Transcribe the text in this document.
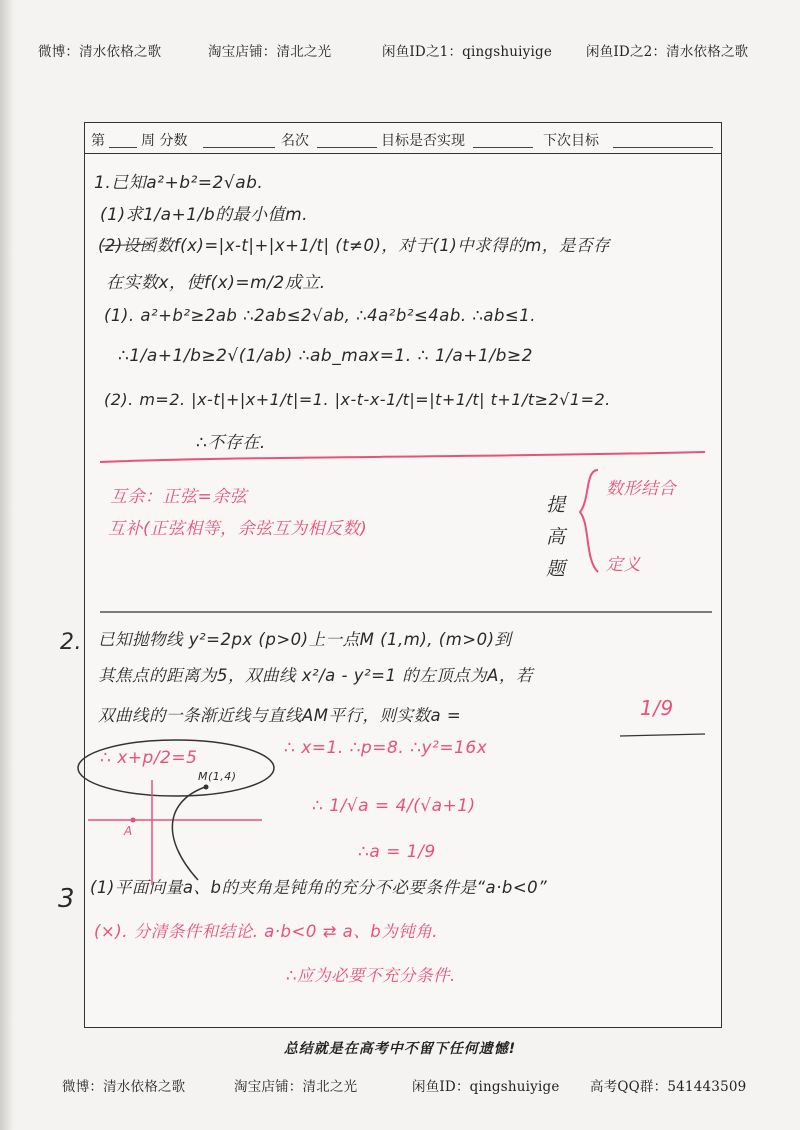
微博：清水依格之歌	淘宝店铺：清北之光	闲鱼ID之1：qingshuiyige	闲鱼ID之2：清水依格之歌
第	周 分数	名次	目标是否实现	下次目标
1.已知a²+b²=2√ab.
(1)求1/a+1/b的最小值m.
(2)设函数f(x)=|x-t|+|x+1/t| (t≠0)，对于(1)中求得的m，是否存
在实数x，使f(x)=m/2成立.
(1). a²+b²≥2ab ∴2ab≤2√ab, ∴4a²b²≤4ab. ∴ab≤1.
∴1/a+1/b≥2√(1/ab) ∴ab_max=1. ∴ 1/a+1/b≥2
(2). m=2. |x-t|+|x+1/t|=1. |x-t-x-1/t|=|t+1/t| t+1/t≥2√1=2.
∴不存在.
互余：正弦=余弦
互补(正弦相等，余弦互为相反数)
提
高
题
数形结合
定义
2. 已知抛物线 y²=2px (p>0)上一点M (1,m), (m>0)到
其焦点的距离为5，双曲线 x²/a - y²=1 的左顶点为A，若
双曲线的一条渐近线与直线AM平行，则实数a =	1/9
∴ x+p/2=5	∴ x=1. ∴p=8. ∴y²=16x
M(1,4)
A
∴ 1/√a = 4/(√a+1)
∴a = 1/9
3 (1)平面向量a、b的夹角是钝角的充分不必要条件是“a·b<0”
(×). 分清条件和结论. a·b<0 ⇄ a、b为钝角.
∴应为必要不充分条件.
总结就是在高考中不留下任何遗憾!
微博：清水依格之歌	淘宝店铺：清北之光	闲鱼ID：qingshuiyige 高考QQ群：541443509
